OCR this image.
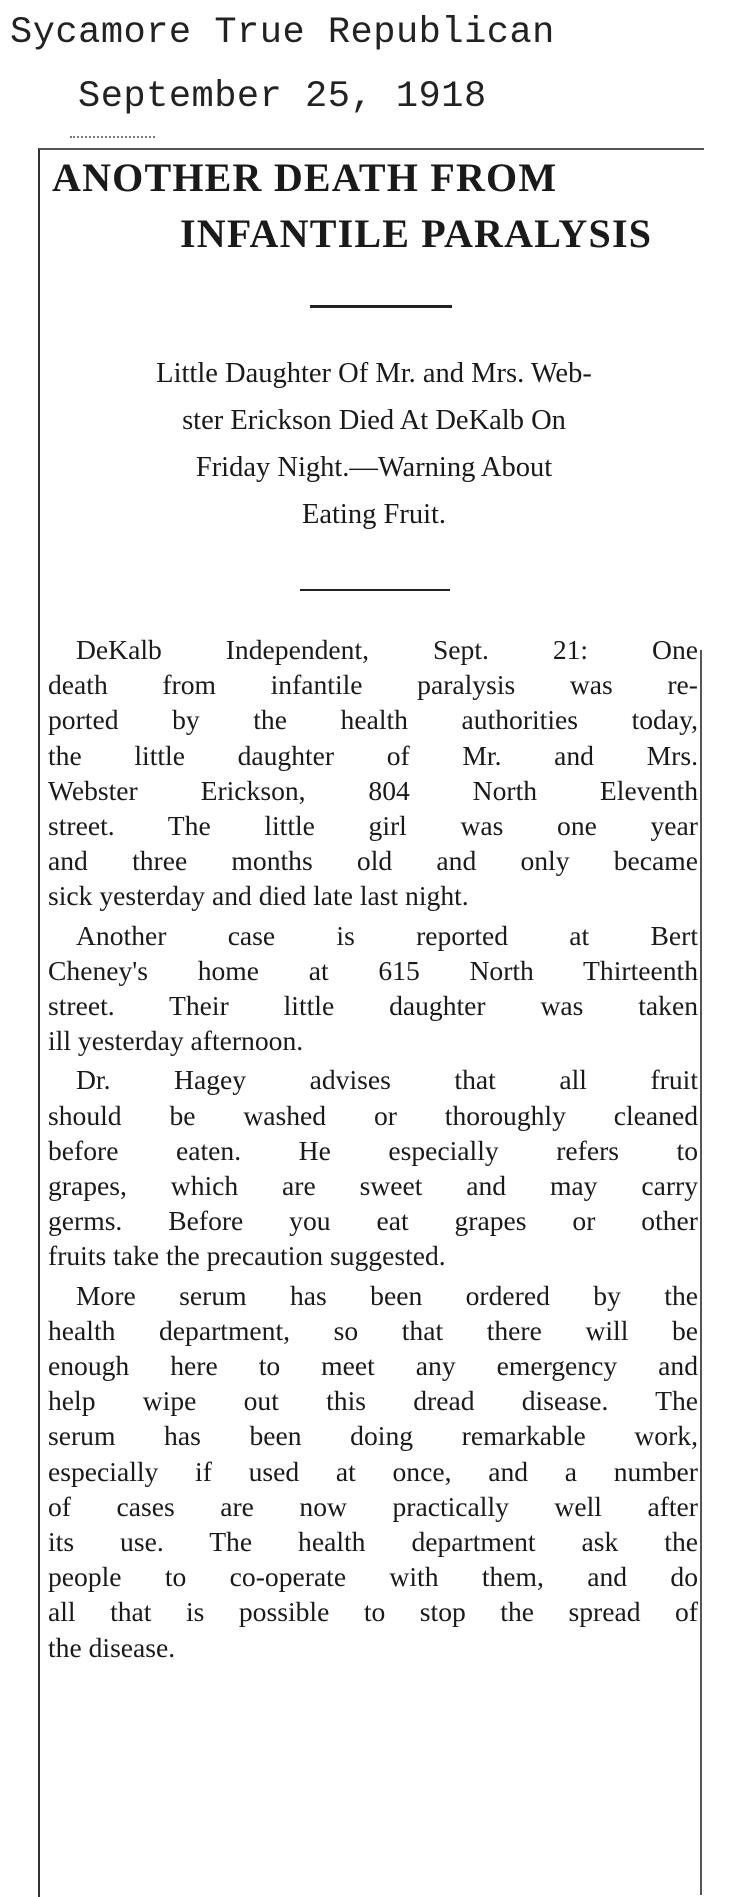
Sycamore True Republican

September 25, 1918

ANOTHER DEATH FROM
INFANTILE PARALYSIS
Little Daughter Of Mr. and Mrs. Web-
ster Erickson Died At DeKalb On
Friday Night.—Warning About
Eating Fruit.
DeKalb Independent, Sept. 21: One
death from infantile paralysis was re-
ported by the health authorities today,
the little daughter of Mr. and Mrs.
Webster Erickson, 804 North Eleventh
street. The little girl was one year
and three months old and only became
sick yesterday and died late last night.
Another case is reported at Bert
Cheney's home at 615 North Thirteenth
street. Their little daughter was taken
ill yesterday afternoon.
Dr. Hagey advises that all fruit
should be washed or thoroughly cleaned
before eaten. He especially refers to
grapes, which are sweet and may carry
germs. Before you eat grapes or other
fruits take the precaution suggested.
More serum has been ordered by the
health department, so that there will be
enough here to meet any emergency and
help wipe out this dread disease. The
serum has been doing remarkable work,
especially if used at once, and a number
of cases are now practically well after
its use. The health department ask the
people to co-operate with them, and do
all that is possible to stop the spread of
the disease.
